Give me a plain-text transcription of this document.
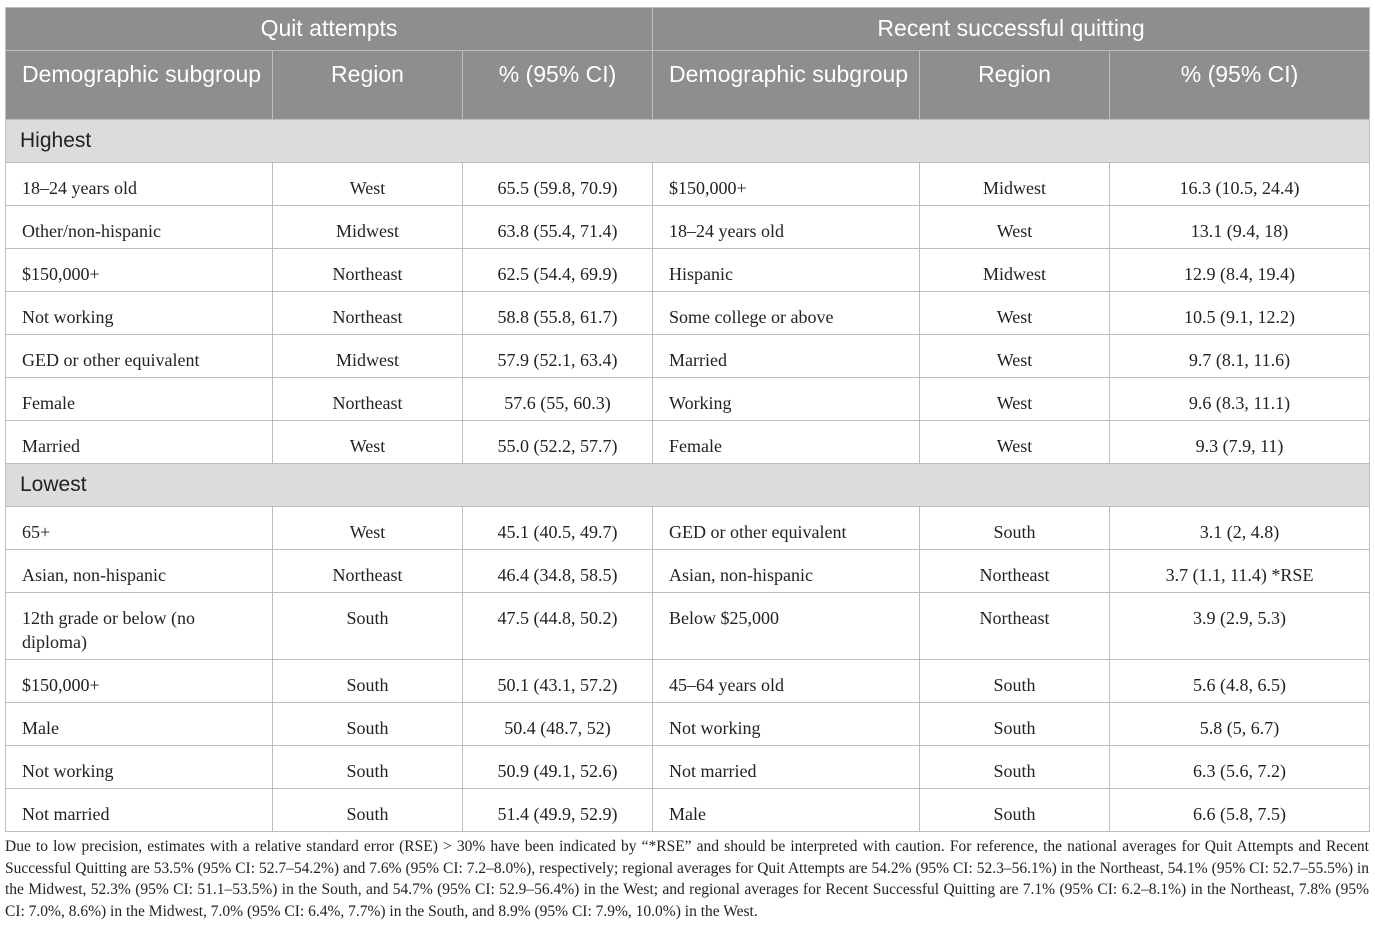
Quit attempts			Recent successful quitting		
Demographic subgroup	Region	% (95% CI)	Demographic subgroup	Region	% (95% CI)
Highest					
18–24 years old	West	65.5 (59.8, 70.9)	$150,000+	Midwest	16.3 (10.5, 24.4)
Other/non-hispanic	Midwest	63.8 (55.4, 71.4)	18–24 years old	West	13.1 (9.4, 18)
$150,000+	Northeast	62.5 (54.4, 69.9)	Hispanic	Midwest	12.9 (8.4, 19.4)
Not working	Northeast	58.8 (55.8, 61.7)	Some college or above	West	10.5 (9.1, 12.2)
GED or other equivalent	Midwest	57.9 (52.1, 63.4)	Married	West	9.7 (8.1, 11.6)
Female	Northeast	57.6 (55, 60.3)	Working	West	9.6 (8.3, 11.1)
Married	West	55.0 (52.2, 57.7)	Female	West	9.3 (7.9, 11)
Lowest					
65+	West	45.1 (40.5, 49.7)	GED or other equivalent	South	3.1 (2, 4.8)
Asian, non-hispanic	Northeast	46.4 (34.8, 58.5)	Asian, non-hispanic	Northeast	3.7 (1.1, 11.4) *RSE
12th grade or below (no diploma)	South	47.5 (44.8, 50.2)	Below $25,000	Northeast	3.9 (2.9, 5.3)
$150,000+	South	50.1 (43.1, 57.2)	45–64 years old	South	5.6 (4.8, 6.5)
Male	South	50.4 (48.7, 52)	Not working	South	5.8 (5, 6.7)
Not working	South	50.9 (49.1, 52.6)	Not married	South	6.3 (5.6, 7.2)
Not married	South	51.4 (49.9, 52.9)	Male	South	6.6 (5.8, 7.5)
Due to low precision, estimates with a relative standard error (RSE) > 30% have been indicated by “*RSE” and should be interpreted with caution. For reference, the national averages for Quit Attempts and Recent Successful Quitting are 53.5% (95% CI: 52.7–54.2%) and 7.6% (95% CI: 7.2–8.0%), respectively; regional averages for Quit Attempts are 54.2% (95% CI: 52.3–56.1%) in the Northeast, 54.1% (95% CI: 52.7–55.5%) in the Midwest, 52.3% (95% CI: 51.1–53.5%) in the South, and 54.7% (95% CI: 52.9–56.4%) in the West; and regional averages for Recent Successful Quitting are 7.1% (95% CI: 6.2–8.1%) in the Northeast, 7.8% (95% CI: 7.0%, 8.6%) in the Midwest, 7.0% (95% CI: 6.4%, 7.7%) in the South, and 8.9% (95% CI: 7.9%, 10.0%) in the West.
